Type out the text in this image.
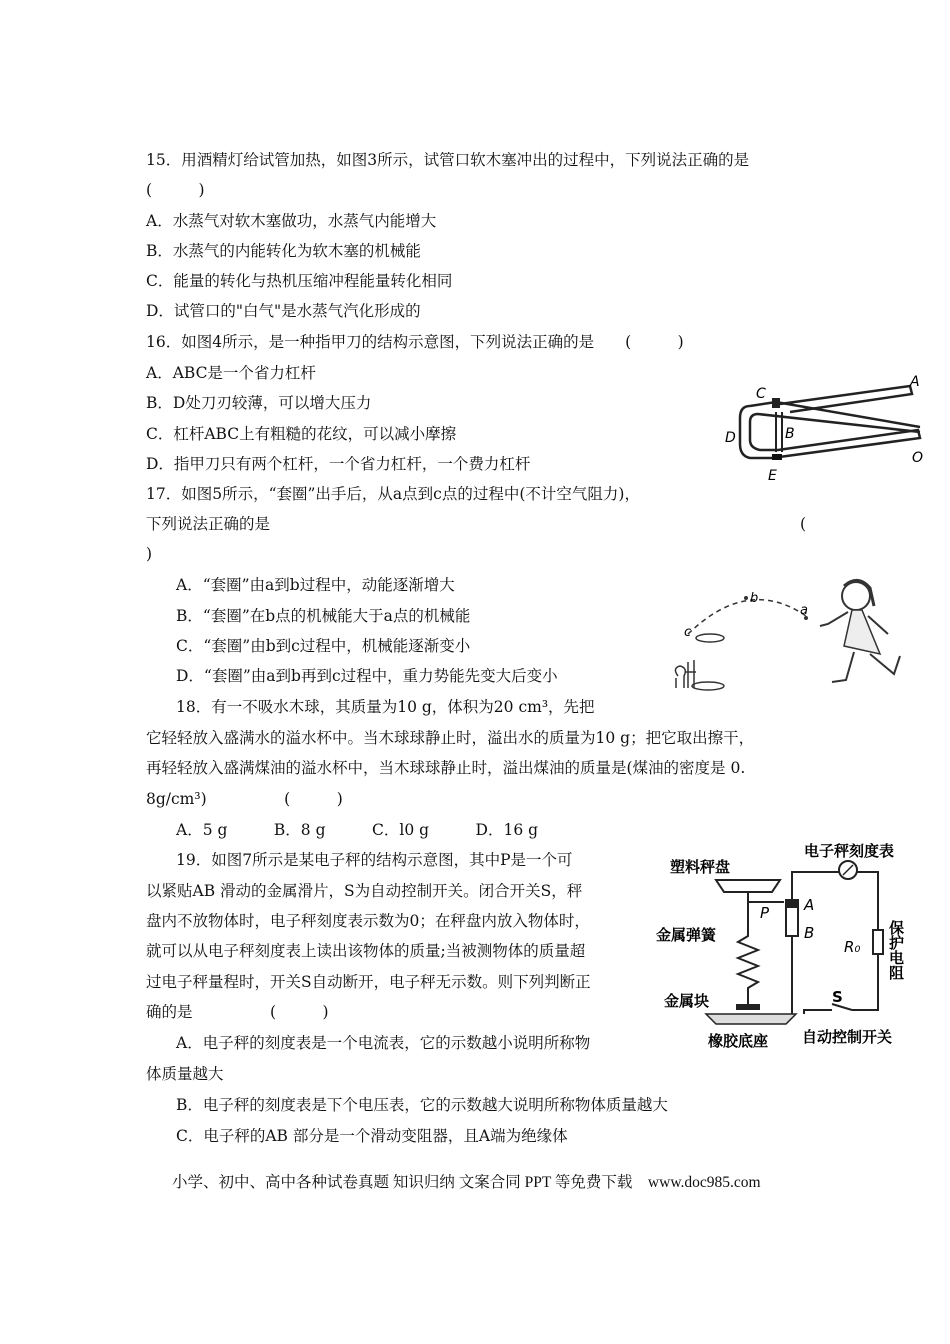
15．用酒精灯给试管加热，如图3所示，试管口软木塞冲出的过程中，下列说法正确的是
(　　　)
A．水蒸气对软木塞做功，水蒸气内能增大
B．水蒸气的内能转化为软木塞的机械能
C．能量的转化与热机压缩冲程能量转化相同
D．试管口的"白气"是水蒸气汽化形成的
16．如图4所示，是一种指甲刀的结构示意图，下列说法正确的是　　(　　　)
A．ABC是一个省力杠杆
B．D处刀刃较薄，可以增大压力
C．杠杆ABC上有粗糙的花纹，可以减小摩擦
D．指甲刀只有两个杠杆，一个省力杠杆，一个费力杠杆
C
A
B
D
O
E
17．如图5所示，“套圈”出手后，从a点到c点的过程中(不计空气阻力)，
下列说法正确的是	(
)
A．“套圈”由a到b过程中，动能逐渐增大
B．“套圈”在b点的机械能大于a点的机械能
C．“套圈”由b到c过程中，机械能逐渐变小
D．“套圈”由a到b再到c过程中，重力势能先变大后变小
b
a
c
18．有一不吸水木球，其质量为10 g，体积为20 cm³，先把
它轻轻放入盛满水的溢水杯中。当木球球静止时，溢出水的质量为10 g；把它取出擦干，
再轻轻放入盛满煤油的溢水杯中，当木球球静止时，溢出煤油的质量是(煤油的密度是 0.
8g/cm³)　　　　　(　　　)
A．5 g　　　B．8 g　　　C．l0 g　　　D．16 g
19．如图7所示是某电子秤的结构示意图，其中P是一个可
以紧贴AB 滑动的金属滑片，S为自动控制开关。闭合开关S，秤
盘内不放物体时，电子秤刻度表示数为0；在秤盘内放入物体时，
就可以从电子秤刻度表上读出该物体的质量;当被测物体的质量超
过电子秤量程时，开关S自动断开，电子秤无示数。则下列判断正
确的是　　　　　(　　　)
A．电子秤的刻度表是一个电流表，它的示数越小说明所称物
体质量越大
B．电子秤的刻度表是下个电压表，它的示数越大说明所称物体质量越大
C．电子秤的AB 部分是一个滑动变阻器，且A端为绝缘体
电子秤刻度表
塑料秤盘
金属弹簧
金属块
橡胶底座 自动控制开关
保护电阻
P A
B
R₀
S
小学、初中、高中各种试卷真题 知识归纳 文案合同 PPT 等免费下载　www.doc985.com
